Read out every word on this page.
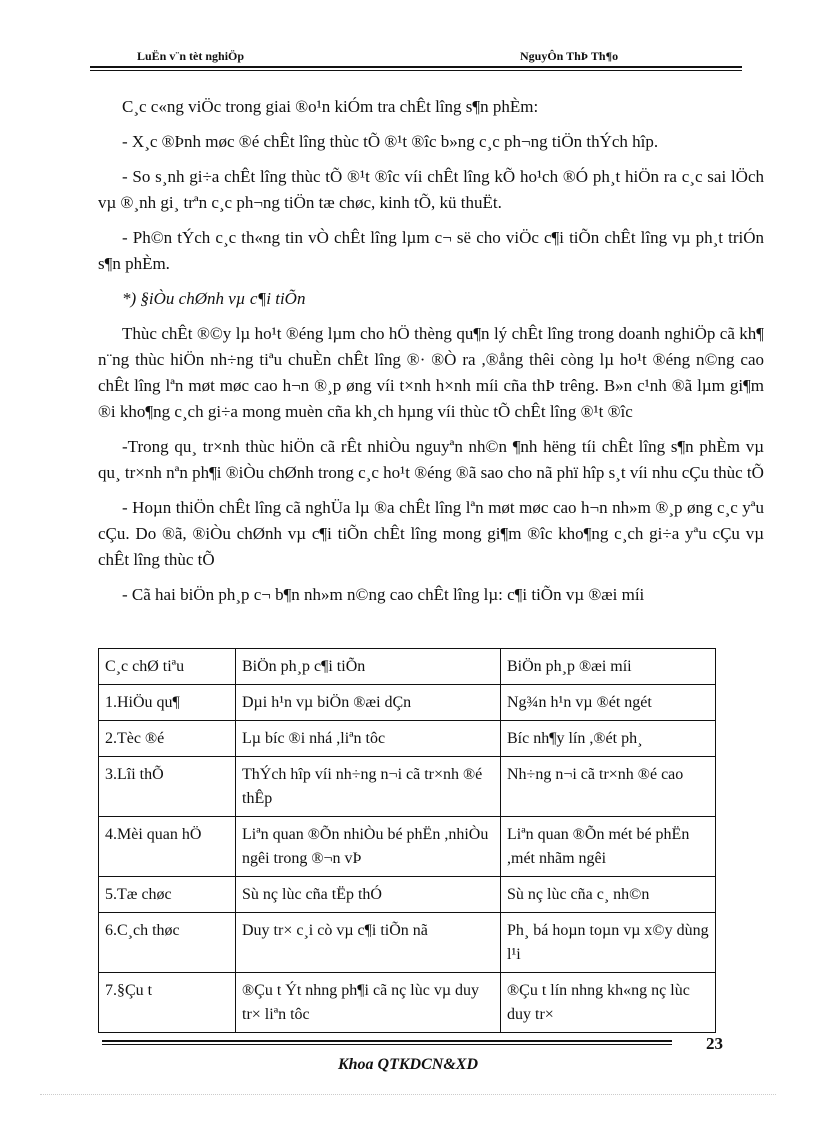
LuËn v¨n tèt nghiÖp	NguyÔn ThÞ Th¶o

C¸c c«ng viÖc trong giai ®o¹n kiÓm tra chÊt lîng s¶n phÈm:

- X¸c ®Þnh møc ®é chÊt lîng thùc tÕ ®¹t ®îc b»ng c¸c ph¬ng tiÖn thÝch hîp.

- So s¸nh gi÷a chÊt lîng thùc tÕ ®¹t ®îc víi chÊt lîng kÕ ho¹ch ®Ó ph¸t hiÖn ra c¸c sai lÖch vµ ®¸nh gi¸ trªn c¸c ph¬ng tiÖn tæ chøc, kinh tÕ, kü thuËt.

- Ph©n tÝch c¸c th«ng tin vÒ chÊt lîng lµm c¬ së cho viÖc c¶i tiÕn chÊt lîng vµ ph¸t triÓn s¶n phÈm.

*) §iÒu chØnh vµ c¶i tiÕn

Thùc chÊt ®©y lµ ho¹t ®éng lµm cho hÖ thèng qu¶n lý chÊt lîng trong doanh nghiÖp cã kh¶ n¨ng thùc hiÖn nh÷ng tiªu chuÈn chÊt lîng ®· ®Ò ra ,®ång thêi còng lµ ho¹t ®éng n©ng cao chÊt lîng lªn møt møc cao h¬n ®¸p øng víi t×nh h×nh míi cña thÞ trêng. B»n c¹nh ®ã lµm gi¶m ®i kho¶ng c¸ch gi÷a mong muèn cña kh¸ch hµng víi thùc tÕ chÊt lîng ®¹t ®îc

-Trong qu¸ tr×nh thùc hiÖn cã rÊt nhiÒu nguyªn nh©n ¶nh hëng tíi chÊt lîng s¶n phÈm vµ qu¸ tr×nh nªn ph¶i ®iÒu chØnh trong c¸c ho¹t ®éng ®ã sao cho nã phï hîp s¸t víi nhu cÇu thùc tÕ

- Hoµn thiÖn chÊt lîng cã nghÜa lµ ®a chÊt lîng lªn møt møc cao h¬n nh»m ®¸p øng c¸c yªu cÇu. Do ®ã, ®iÒu chØnh vµ c¶i tiÕn chÊt lîng mong gi¶m ®îc kho¶ng c¸ch gi÷a yªu cÇu vµ chÊt lîng thùc tÕ

- Cã hai biÖn ph¸p c¬ b¶n nh»m n©ng cao chÊt lîng lµ: c¶i tiÕn vµ ®æi míi

C¸c chØ tiªu	BiÖn ph¸p c¶i tiÕn	BiÖn ph¸p ®æi míi
1.HiÖu qu¶	Dµi h¹n vµ biÖn ®æi dÇn	Ng¾n h¹n vµ ®ét ngét
2.Tèc ®é	Lµ bíc ®i nhá ,liªn tôc	Bíc nh¶y lín ,®ét ph¸
3.Lîi thÕ	ThÝch hîp víi nh÷ng n¬i cã tr×nh ®é thÊp	Nh÷ng n¬i cã tr×nh ®é cao
4.Mèi quan hÖ	Liªn quan ®Õn nhiÒu bé phËn ,nhiÒu ngêi trong ®¬n vÞ	Liªn quan ®Õn mét bé phËn ,mét nhãm ngêi
5.Tæ chøc	Sù nç lùc cña tËp thÓ	Sù nç lùc cña c¸ nh©n
6.C¸ch thøc	Duy tr× c¸i cò vµ c¶i tiÕn nã	Ph¸ bá hoµn toµn vµ x©y dùng l¹i
7.§Çu t	®Çu t Ýt nhng ph¶i cã nç lùc vµ duy tr× liªn tôc	®Çu t lín nhng kh«ng nç lùc duy tr×
23
Khoa QTKDCN&XD
